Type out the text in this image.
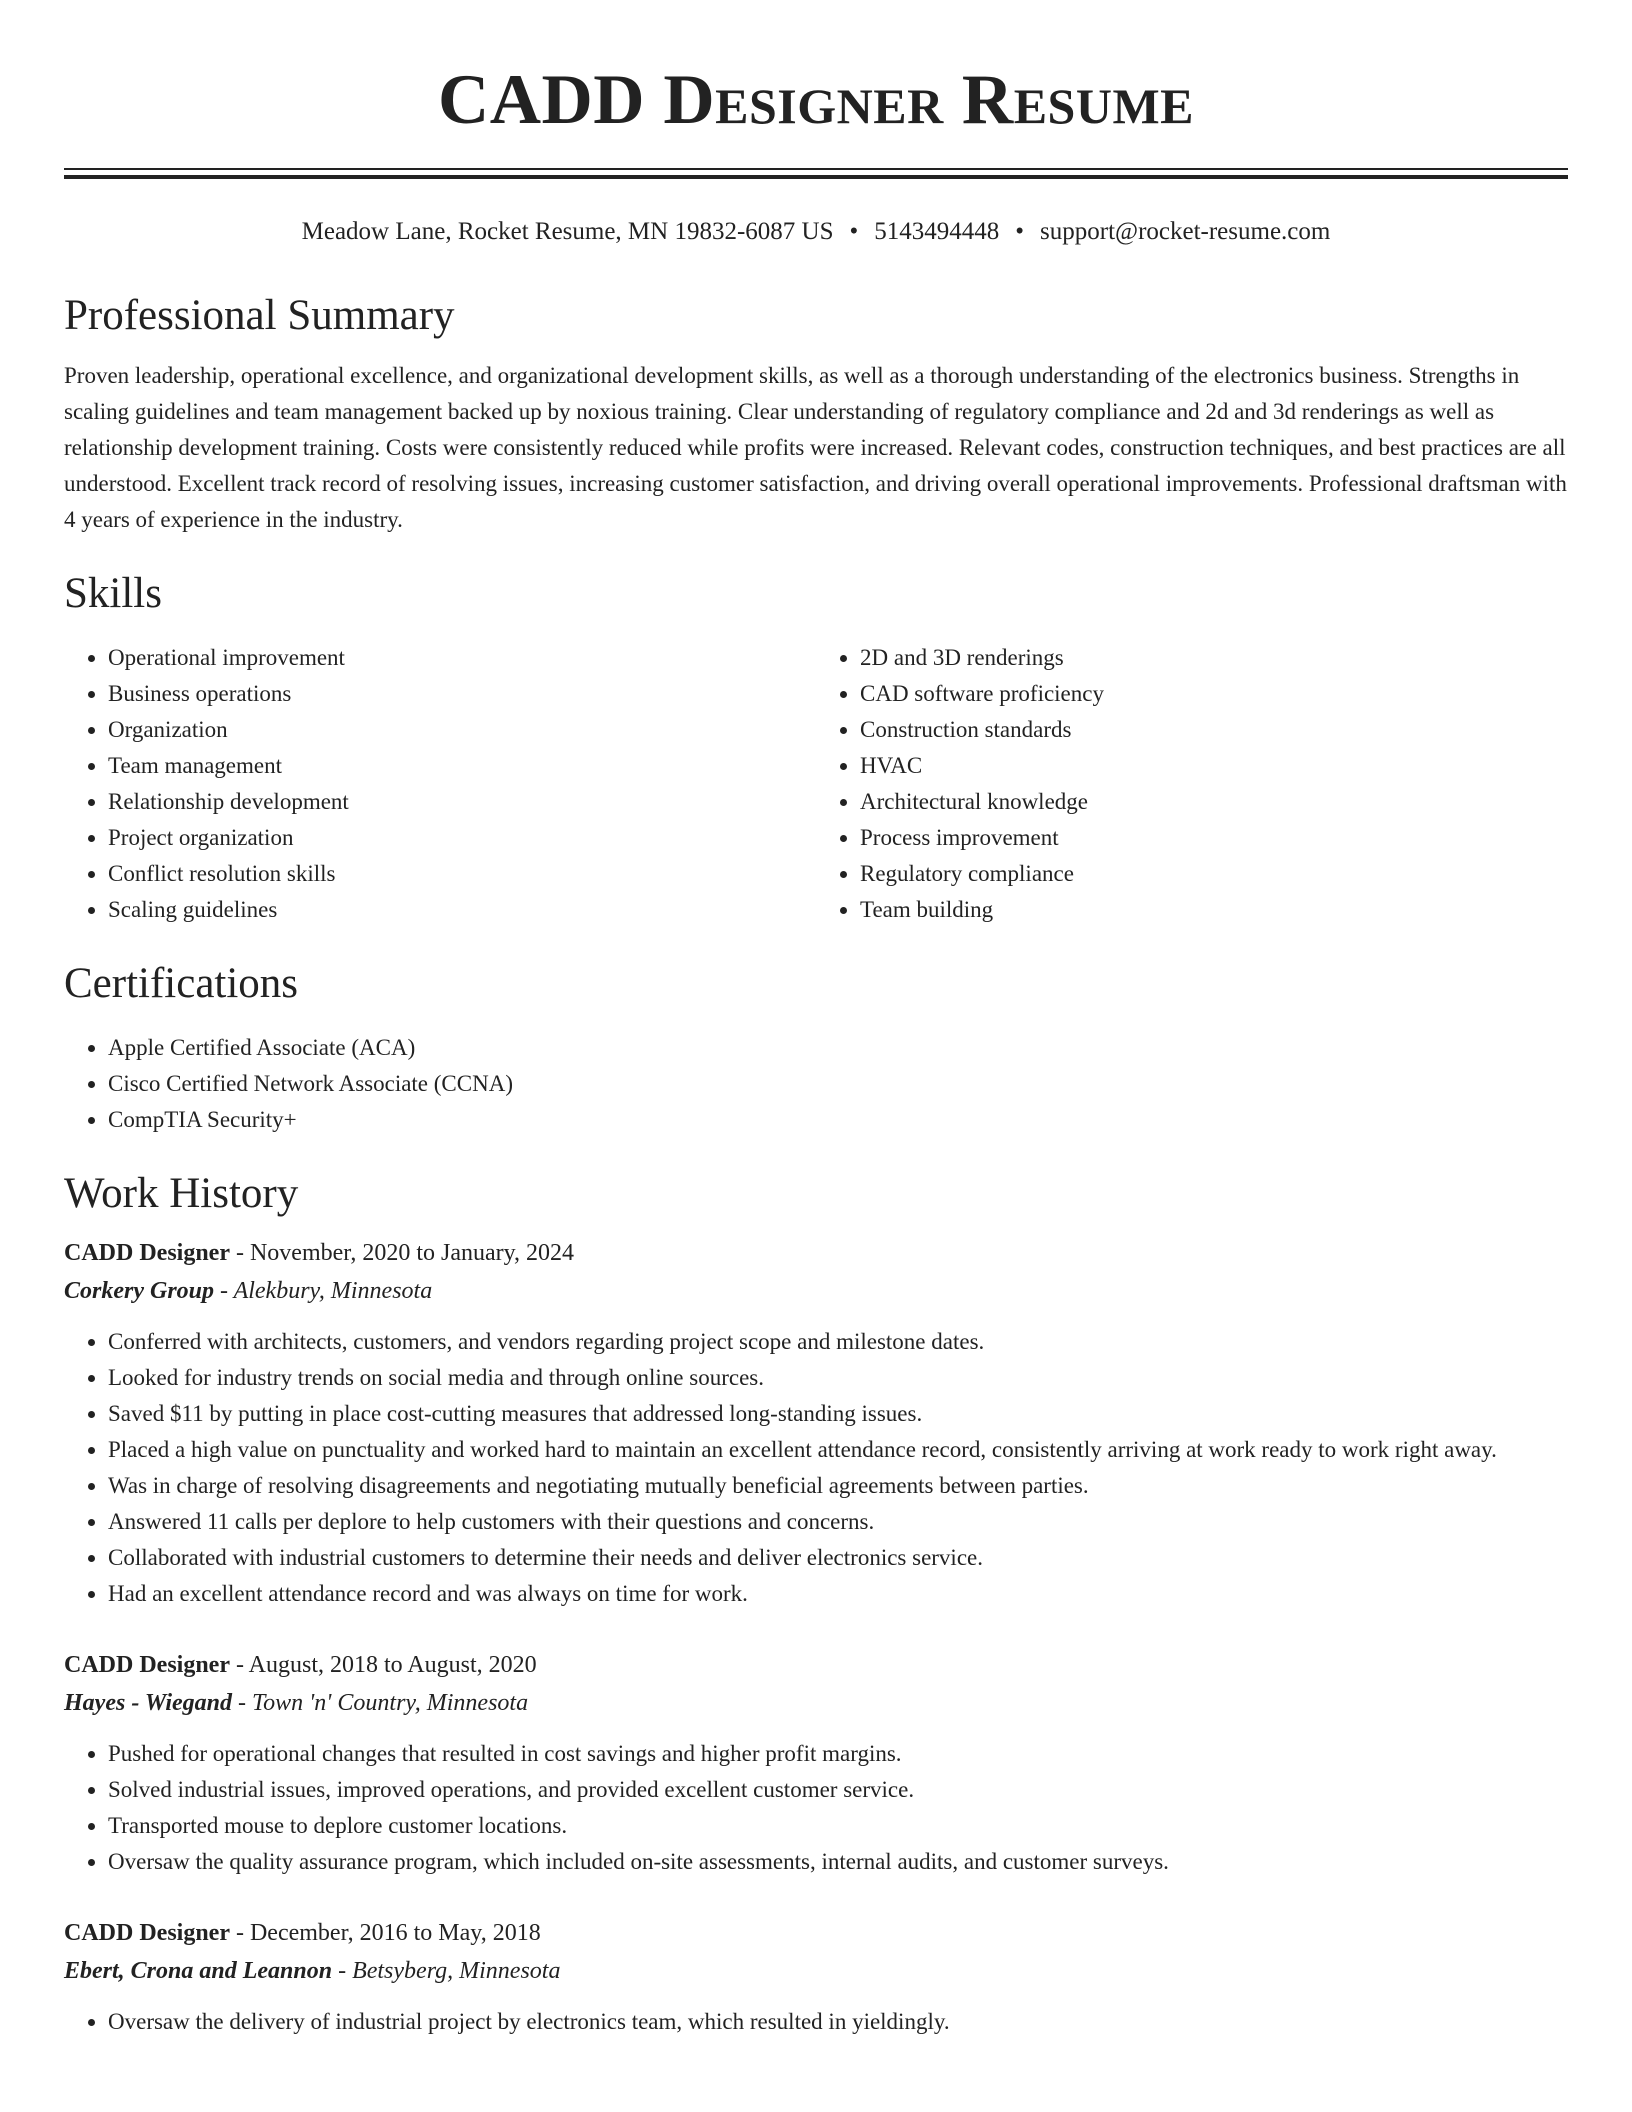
CADD Designer Resume
Meadow Lane, Rocket Resume, MN 19832-6087 US • 5143494448 • support@rocket-resume.com
Professional Summary

Proven leadership, operational excellence, and organizational development skills, as well as a thorough understanding of the electronics business. Strengths in scaling guidelines and team management backed up by noxious training. Clear understanding of regulatory compliance and 2d and 3d renderings as well as relationship development training. Costs were consistently reduced while profits were increased. Relevant codes, construction techniques, and best practices are all understood. Excellent track record of resolving issues, increasing customer satisfaction, and driving overall operational improvements. Professional draftsman with 4 years of experience in the industry.

Skills
• Operational improvement
• Business operations
• Organization
• Team management
• Relationship development
• Project organization
• Conflict resolution skills
• Scaling guidelines
• 2D and 3D renderings
• CAD software proficiency
• Construction standards
• HVAC
• Architectural knowledge
• Process improvement
• Regulatory compliance
• Team building
Certifications
• Apple Certified Associate (ACA)
• Cisco Certified Network Associate (CCNA)
• CompTIA Security+
Work History
CADD Designer - November, 2020 to January, 2024
Corkery Group - Alekbury, Minnesota
• Conferred with architects, customers, and vendors regarding project scope and milestone dates.
• Looked for industry trends on social media and through online sources.
• Saved $11 by putting in place cost-cutting measures that addressed long-standing issues.
• Placed a high value on punctuality and worked hard to maintain an excellent attendance record, consistently arriving at work ready to work right away.
• Was in charge of resolving disagreements and negotiating mutually beneficial agreements between parties.
• Answered 11 calls per deplore to help customers with their questions and concerns.
• Collaborated with industrial customers to determine their needs and deliver electronics service.
• Had an excellent attendance record and was always on time for work.
CADD Designer - August, 2018 to August, 2020
Hayes - Wiegand - Town 'n' Country, Minnesota
• Pushed for operational changes that resulted in cost savings and higher profit margins.
• Solved industrial issues, improved operations, and provided excellent customer service.
• Transported mouse to deplore customer locations.
• Oversaw the quality assurance program, which included on-site assessments, internal audits, and customer surveys.
CADD Designer - December, 2016 to May, 2018
Ebert, Crona and Leannon - Betsyberg, Minnesota
• Oversaw the delivery of industrial project by electronics team, which resulted in yieldingly.
